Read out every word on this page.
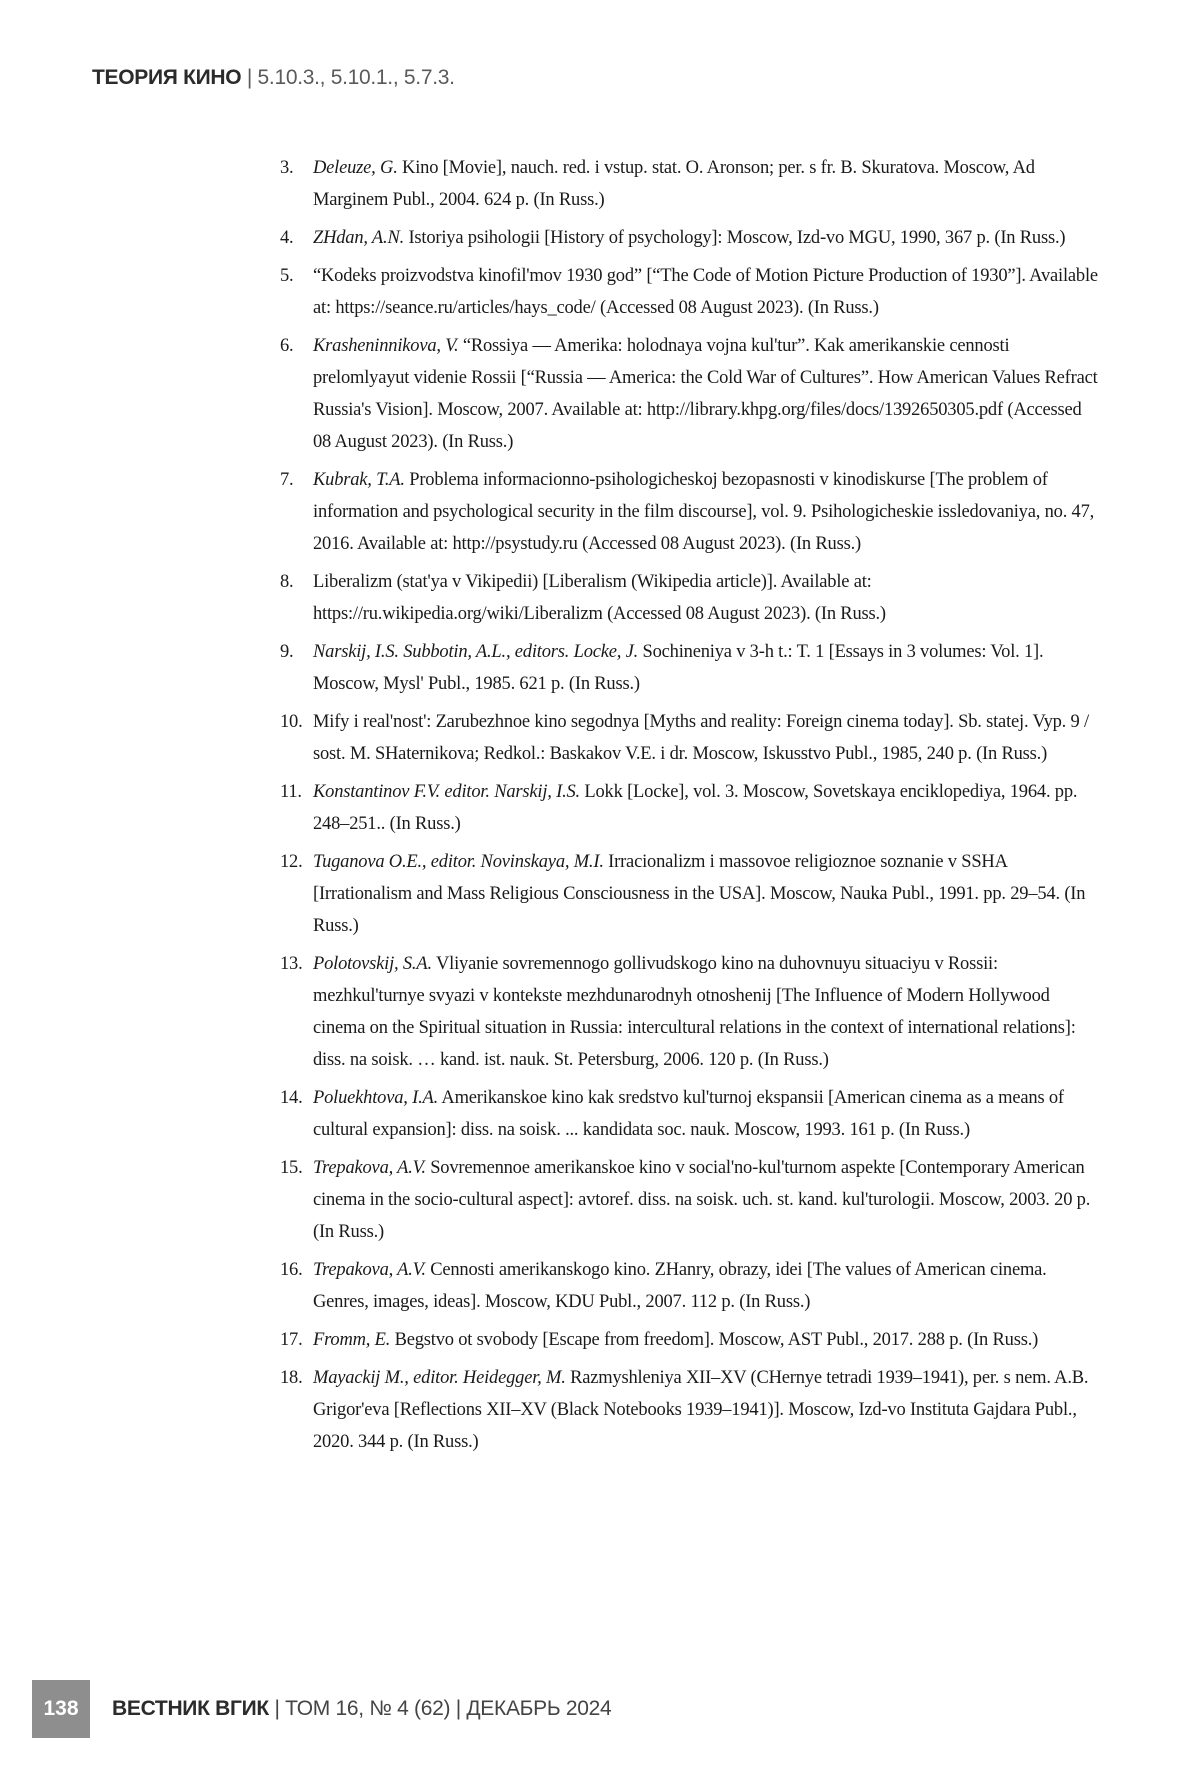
ТЕОРИЯ КИНО | 5.10.3., 5.10.1., 5.7.3.
3. Deleuze, G. Kino [Movie], nauch. red. i vstup. stat. O. Aronson; per. s fr. B. Skuratova. Moscow, Ad Marginem Publ., 2004. 624 p. (In Russ.)
4. ZHdan, A.N. Istoriya psihologii [History of psychology]: Moscow, Izd-vo MGU, 1990, 367 p. (In Russ.)
5. “Kodeks proizvodstva kinofil'mov 1930 god” [“The Code of Motion Picture Production of 1930”]. Available at: https://seance.ru/articles/hays_code/ (Accessed 08 August 2023). (In Russ.)
6. Krasheninnikova, V. “Rossiya — Amerika: holodnaya vojna kul'tur”. Kak amerikanskie cennosti prelomlyayut videnie Rossii [“Russia — America: the Cold War of Cultures”. How American Values Refract Russia's Vision]. Moscow, 2007. Available at: http://library.khpg.org/files/docs/1392650305.pdf (Accessed 08 August 2023). (In Russ.)
7. Kubrak, T.A. Problema informacionno-psihologicheskoj bezopasnosti v kinodiskurse [The problem of information and psychological security in the film discourse], vol. 9. Psihologicheskie issledovaniya, no. 47, 2016. Available at: http://psystudy.ru (Accessed 08 August 2023). (In Russ.)
8. Liberalizm (stat'ya v Vikipedii) [Liberalism (Wikipedia article)]. Available at: https://ru.wikipedia.org/wiki/Liberalizm (Accessed 08 August 2023). (In Russ.)
9. Narskij, I.S. Subbotin, A.L., editors. Locke, J. Sochineniya v 3-h t.: T. 1 [Essays in 3 volumes: Vol. 1]. Moscow, Mysl' Publ., 1985. 621 p. (In Russ.)
10. Mify i real'nost': Zarubezhnoe kino segodnya [Myths and reality: Foreign cinema today]. Sb. statej. Vyp. 9 / sost. M. SHaternikova; Redkol.: Baskakov V.E. i dr. Moscow, Iskusstvo Publ., 1985, 240 p. (In Russ.)
11. Konstantinov F.V. editor. Narskij, I.S. Lokk [Locke], vol. 3. Moscow, Sovetskaya enciklopediya, 1964. pp. 248–251.. (In Russ.)
12. Tuganova O.E., editor. Novinskaya, M.I. Irracionalizm i massovoe religioznoe soznanie v SSHA [Irrationalism and Mass Religious Consciousness in the USA]. Moscow, Nauka Publ., 1991. pp. 29–54. (In Russ.)
13. Polotovskij, S.A. Vliyanie sovremennogo gollivudskogo kino na duhovnuyu situaciyu v Rossii: mezhkul'turnye svyazi v kontekste mezhdunarodnyh otnoshenij [The Influence of Modern Hollywood cinema on the Spiritual situation in Russia: intercultural relations in the context of international relations]: diss. na soisk. … kand. ist. nauk. St. Petersburg, 2006. 120 p. (In Russ.)
14. Poluekhtova, I.A. Amerikanskoe kino kak sredstvo kul'turnoj ekspansii [American cinema as a means of cultural expansion]: diss. na soisk. ... kandidata soc. nauk. Moscow, 1993. 161 p. (In Russ.)
15. Trepakova, A.V. Sovremennoe amerikanskoe kino v social'no-kul'turnom aspekte [Contemporary American cinema in the socio-cultural aspect]: avtoref. diss. na soisk. uch. st. kand. kul'turologii. Moscow, 2003. 20 p. (In Russ.)
16. Trepakova, A.V. Cennosti amerikanskogo kino. ZHanry, obrazy, idei [The values of American cinema. Genres, images, ideas]. Moscow, KDU Publ., 2007. 112 p. (In Russ.)
17. Fromm, E. Begstvo ot svobody [Escape from freedom]. Moscow, AST Publ., 2017. 288 p. (In Russ.)
18. Mayackij M., editor. Heidegger, M. Razmyshleniya XII–XV (CHernye tetradi 1939–1941), per. s nem. A.B. Grigor'eva [Reflections XII–XV (Black Notebooks 1939–1941)]. Moscow, Izd-vo Instituta Gajdara Publ., 2020. 344 p. (In Russ.)
138	ВЕСТНИК ВГИК | ТОМ 16, № 4 (62) | ДЕКАБРЬ 2024
